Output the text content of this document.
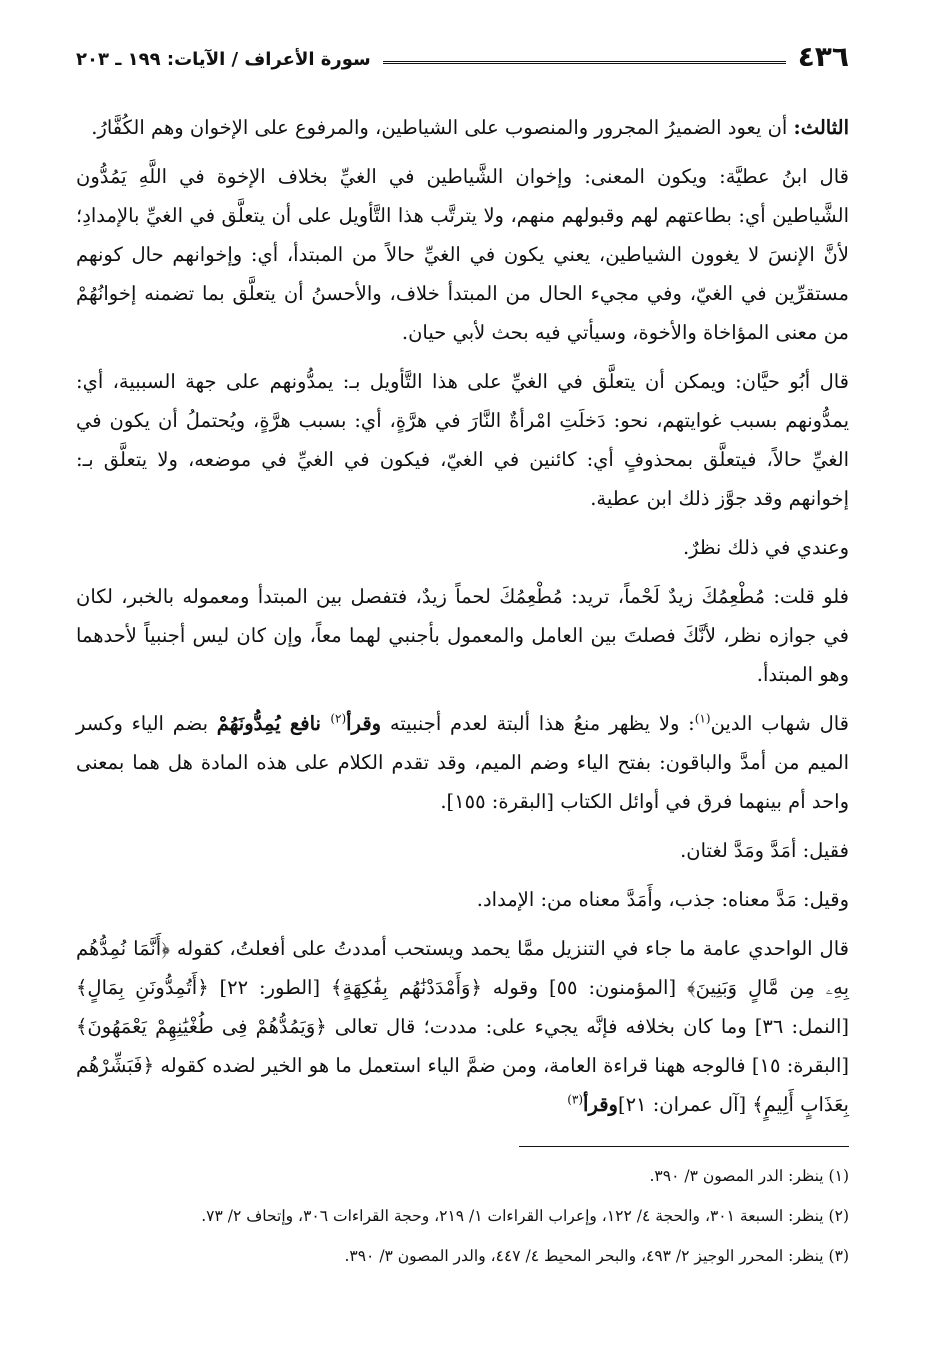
٤٣٦
سورة الأعراف / الآيات: ١٩٩ ـ ٢٠٣

الثالث: أن يعود الضميرُ المجرور والمنصوب على الشياطين، والمرفوع على الإخوان وهم الكُفَّارُ.

قال ابنُ عطيَّة: ويكون المعنى: وإخوان الشَّياطين في الغيِّ بخلاف الإخوة في اللَّهِ يَمُدُّون الشَّياطين أي: بطاعتهم لهم وقبولهم منهم، ولا يترتَّب هذا التَّأويل على أن يتعلَّق في الغيِّ بالإمدادِ؛ لأنَّ الإنسَ لا يغوون الشياطين، يعني يكون في الغيِّ حالاً من المبتدأ، أي: وإخوانهم حال كونهم مستقرِّين في الغيّ، وفي مجيء الحال من المبتدأ خلاف، والأحسنُ أن يتعلَّق بما تضمنه إخوانُهُمْ من معنى المؤاخاة والأخوة، وسيأتي فيه بحث لأبي حيان.

قال أبُو حيَّان: ويمكن أن يتعلَّق في الغيِّ على هذا التَّأويل بـ: يمدُّونهم على جهة السببية، أي: يمدُّونهم بسبب غوايتهم، نحو: دَخلَتِ امْرأةٌ النَّارَ في هرَّةٍ، أي: بسبب هرَّةٍ، ويُحتملُ أن يكون في الغيِّ حالاً، فيتعلَّق بمحذوفٍ أي: كائنين في الغيّ، فيكون في الغيِّ في موضعه، ولا يتعلَّق بـ: إخوانهم وقد جوَّز ذلك ابن عطية.

وعندي في ذلك نظرٌ.

فلو قلت: مُطْعِمُكَ زيدٌ لَحْماً، تريد: مُطْعِمُكَ لحماً زيدٌ، فتفصل بين المبتدأ ومعموله بالخبر، لكان في جوازه نظر، لأنَّكَ فصلتَ بين العامل والمعمول بأجنبي لهما معاً، وإن كان ليس أجنبياً لأحدهما وهو المبتدأ.

قال شهاب الدين$^{(١)}$: ولا يظهر منعُ هذا ألبتة لعدم أجنبيته وقرأ$^{(٢)}$ نافع يُمِدُّونَهُمْ بضم الياء وكسر الميم من أمدَّ والباقون: بفتح الياء وضم الميم، وقد تقدم الكلام على هذه المادة هل هما بمعنى واحد أم بينهما فرق في أوائل الكتاب [البقرة: ١٥٥].

فقيل: أمَدَّ ومَدَّ لغتان.

وقيل: مَدَّ معناه: جذب، وأَمَدَّ معناه من: الإمداد.

قال الواحدي عامة ما جاء في التنزيل ممَّا يحمد ويستحب أمددتُ على أفعلتُ، كقوله ﴿أَنَّمَا نُمِدُّهُم بِهِۦ مِن مَّالٍ وَبَنِينَ﴾ [المؤمنون: ٥٥] وقوله ﴿وَأَمْدَدْنَٰهُم بِفَٰكِهَةٍ﴾ [الطور: ٢٢] ﴿أَتُمِدُّونَنِ بِمَالٍ﴾ [النمل: ٣٦] وما كان بخلافه فإنَّه يجيء على: مددت؛ قال تعالى ﴿وَيَمُدُّهُمْ فِى طُغْيَٰنِهِمْ يَعْمَهُونَ﴾ [البقرة: ١٥] فالوجه ههنا قراءة العامة، ومن ضمَّ الياء استعمل ما هو الخير لضده كقوله ﴿فَبَشِّرْهُم بِعَذَابٍ أَلِيمٍ﴾ [آل عمران: ٢١]وقرأ$^{(٣)}$

(١) ينظر: الدر المصون ٣/ ٣٩٠.

(٢) ينظر: السبعة ٣٠١، والحجة ٤/ ١٢٢، وإعراب القراءات ١/ ٢١٩، وحجة القراءات ٣٠٦، وإتحاف ٢/ ٧٣.

(٣) ينظر: المحرر الوجيز ٢/ ٤٩٣، والبحر المحيط ٤/ ٤٤٧، والدر المصون ٣/ ٣٩٠.
